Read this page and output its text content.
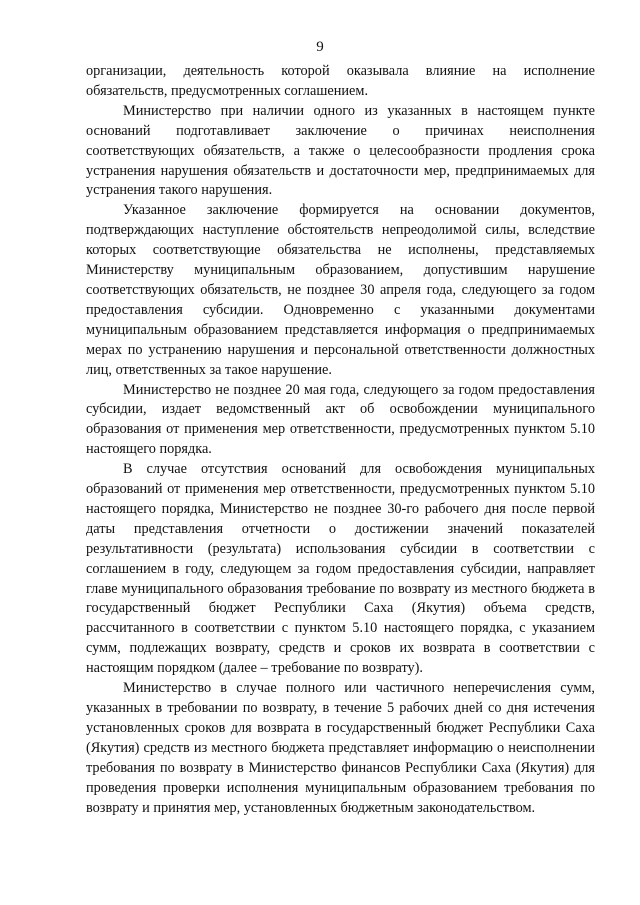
9

организации, деятельность которой оказывала влияние на исполнение обязательств, предусмотренных соглашением.

Министерство при наличии одного из указанных в настоящем пункте оснований подготавливает заключение о причинах неисполнения соответствующих обязательств, а также о целесообразности продления срока устранения нарушения обязательств и достаточности мер, предпринимаемых для устранения такого нарушения.

Указанное заключение формируется на основании документов, подтверждающих наступление обстоятельств непреодолимой силы, вследствие которых соответствующие обязательства не исполнены, представляемых Министерству муниципальным образованием, допустившим нарушение соответствующих обязательств, не позднее 30 апреля года, следующего за годом предоставления субсидии. Одновременно с указанными документами муниципальным образованием представляется информация о предпринимаемых мерах по устранению нарушения и персональной ответственности должностных лиц, ответственных за такое нарушение.

Министерство не позднее 20 мая года, следующего за годом предоставления субсидии, издает ведомственный акт об освобождении муниципального образования от применения мер ответственности, предусмотренных пунктом 5.10 настоящего порядка.

В случае отсутствия оснований для освобождения муниципальных образований от применения мер ответственности, предусмотренных пунктом 5.10 настоящего порядка, Министерство не позднее 30-го рабочего дня после первой даты представления отчетности о достижении значений показателей результативности (результата) использования субсидии в соответствии с соглашением в году, следующем за годом предоставления субсидии, направляет главе муниципального образования требование по возврату из местного бюджета в государственный бюджет Республики Саха (Якутия) объема средств, рассчитанного в соответствии с пунктом 5.10 настоящего порядка, с указанием сумм, подлежащих возврату, средств и сроков их возврата в соответствии с настоящим порядком (далее – требование по возврату).

Министерство в случае полного или частичного неперечисления сумм, указанных в требовании по возврату, в течение 5 рабочих дней со дня истечения установленных сроков для возврата в государственный бюджет Республики Саха (Якутия) средств из местного бюджета представляет информацию о неисполнении требования по возврату в Министерство финансов Республики Саха (Якутия) для проведения проверки исполнения муниципальным образованием требования по возврату и принятия мер, установленных бюджетным законодательством.
